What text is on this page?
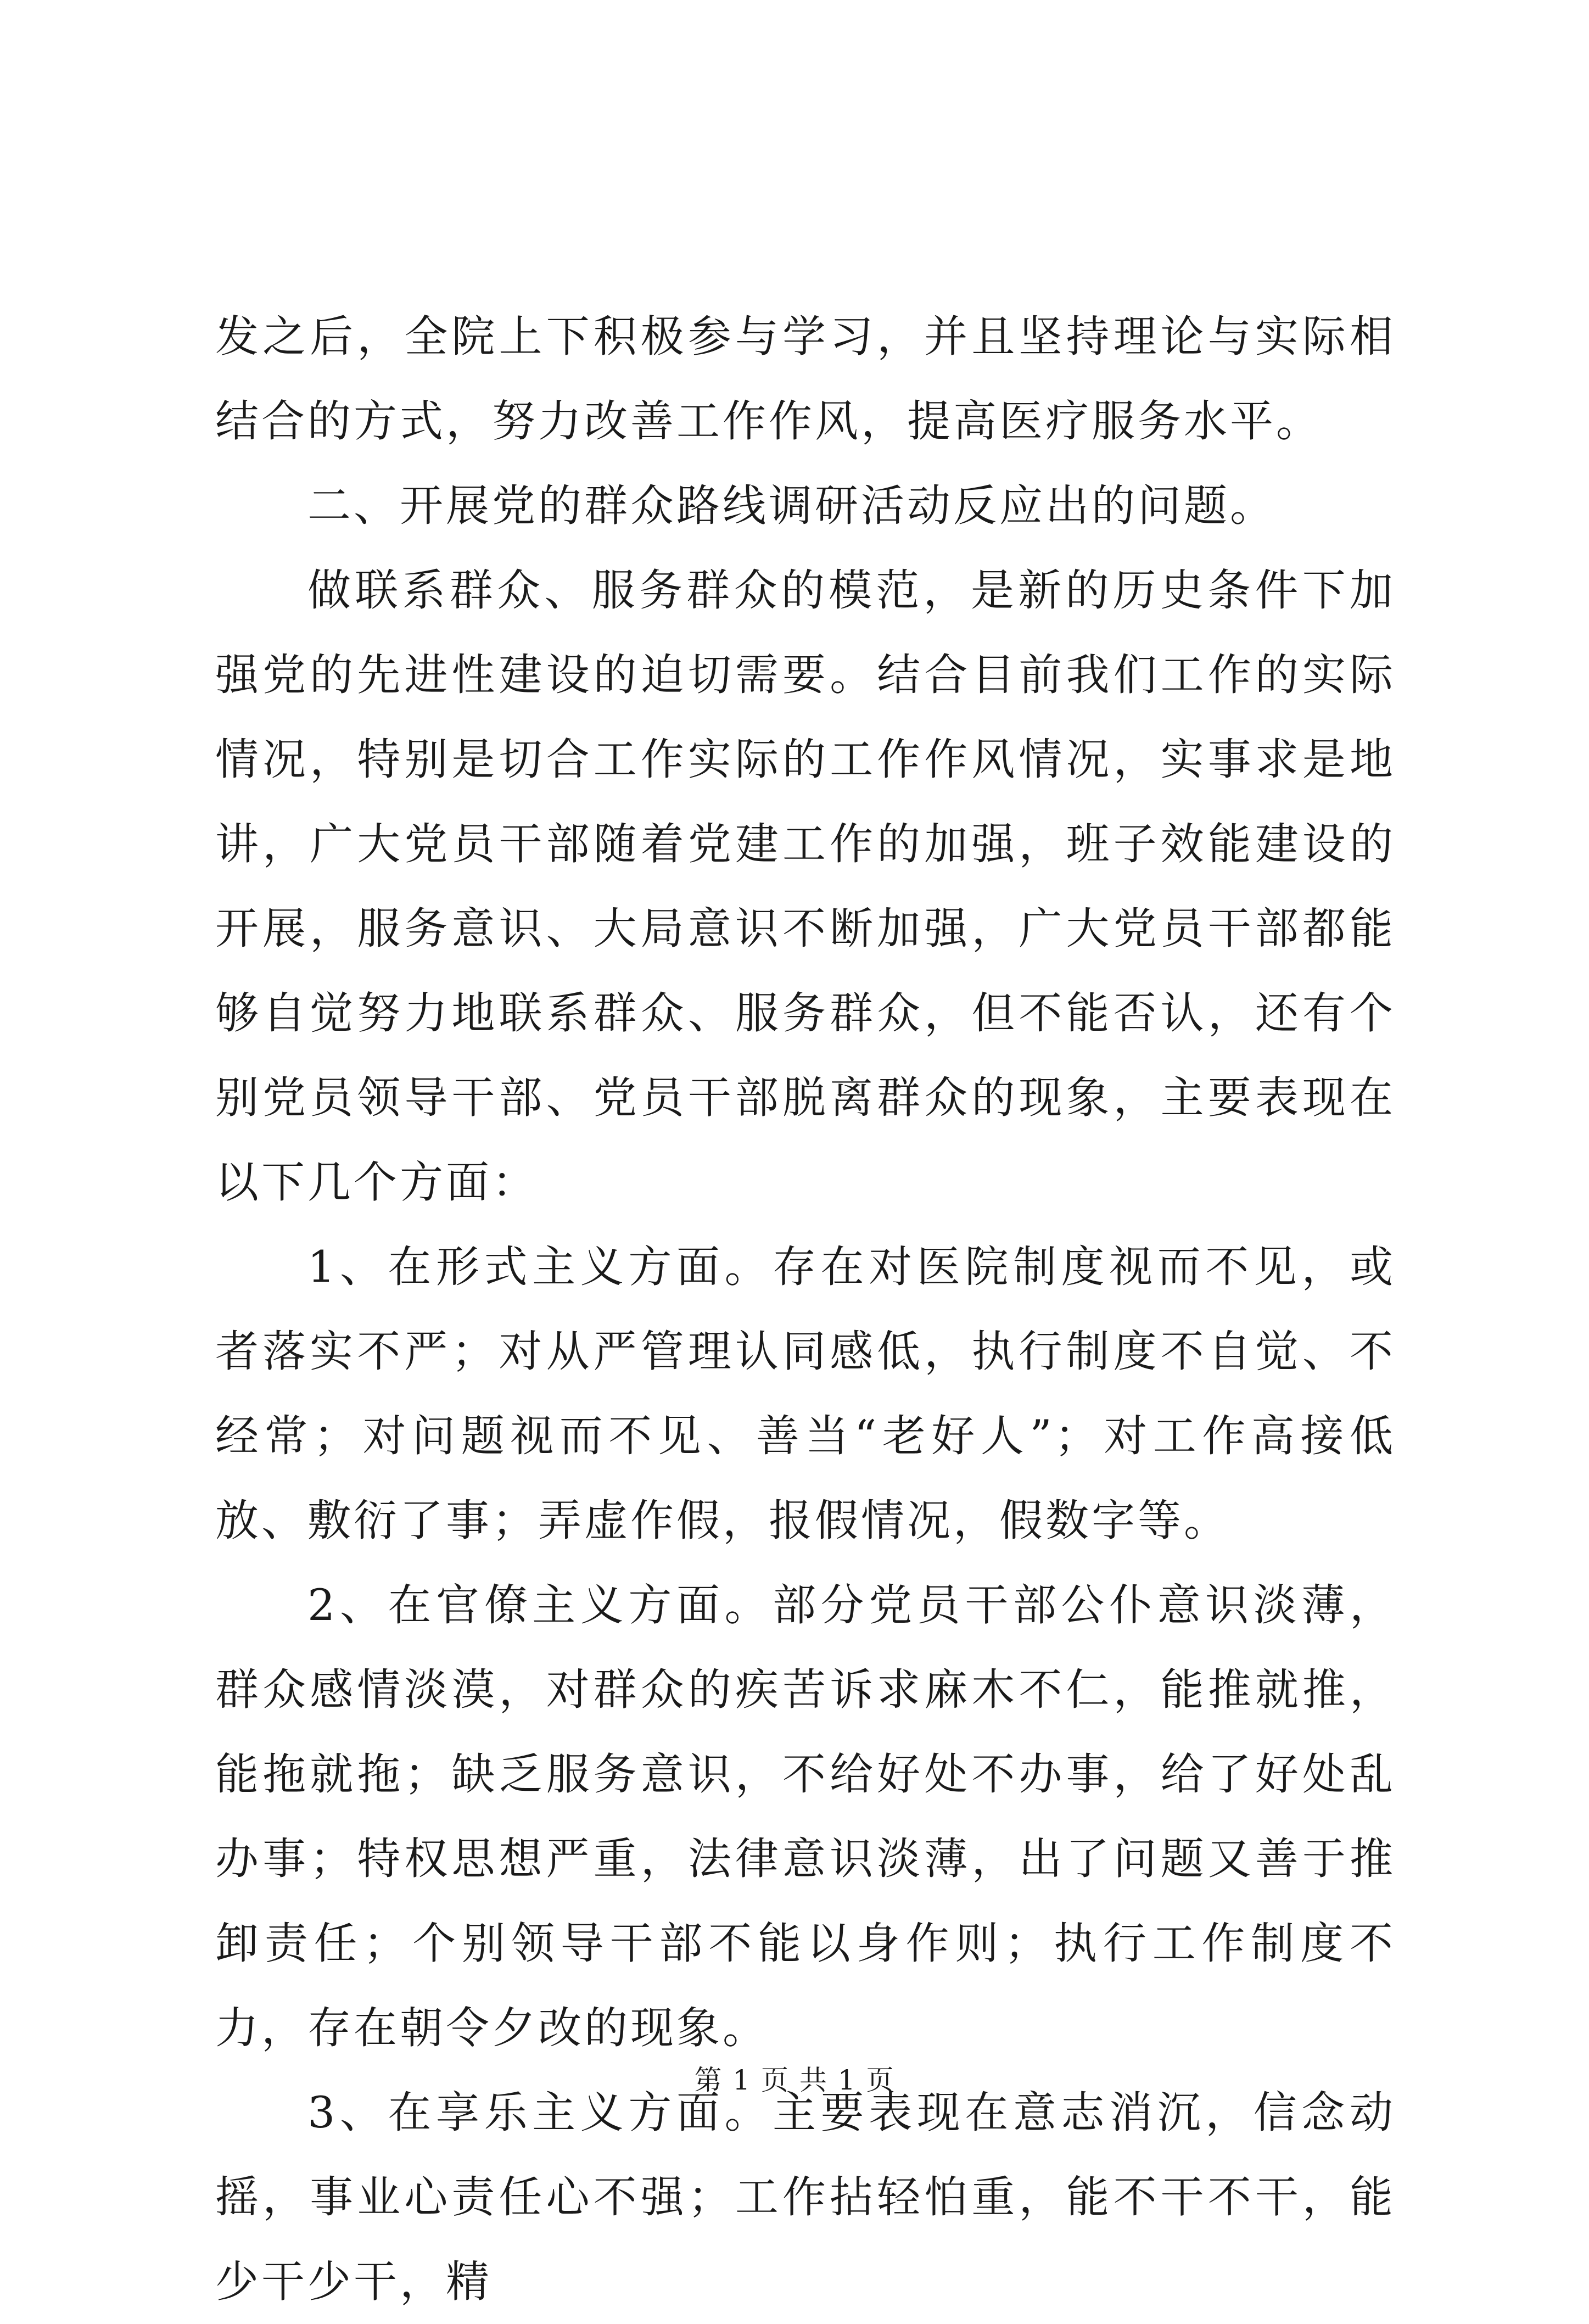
发之后，全院上下积极参与学习，并且坚持理论与实际相结合的方式，努力改善工作作风，提高医疗服务水平。

二、开展党的群众路线调研活动反应出的问题。

做联系群众、服务群众的模范，是新的历史条件下加强党的先进性建设的迫切需要。结合目前我们工作的实际情况，特别是切合工作实际的工作作风情况，实事求是地讲，广大党员干部随着党建工作的加强，班子效能建设的开展，服务意识、大局意识不断加强，广大党员干部都能够自觉努力地联系群众、服务群众，但不能否认，还有个别党员领导干部、党员干部脱离群众的现象，主要表现在以下几个方面：

1、在形式主义方面。存在对医院制度视而不见，或者落实不严；对从严管理认同感低，执行制度不自觉、不经常；对问题视而不见、善当“老好人”；对工作高接低放、敷衍了事；弄虚作假，报假情况，假数字等。

2、在官僚主义方面。部分党员干部公仆意识淡薄，群众感情淡漠，对群众的疾苦诉求麻木不仁，能推就推，能拖就拖；缺乏服务意识，不给好处不办事，给了好处乱办事；特权思想严重，法律意识淡薄，出了问题又善于推卸责任；个别领导干部不能以身作则；执行工作制度不力，存在朝令夕改的现象。

3、在享乐主义方面。主要表现在意志消沉，信念动摇，事业心责任心不强；工作拈轻怕重，能不干不干，能少干少干，精

第 1 页 共 1 页
